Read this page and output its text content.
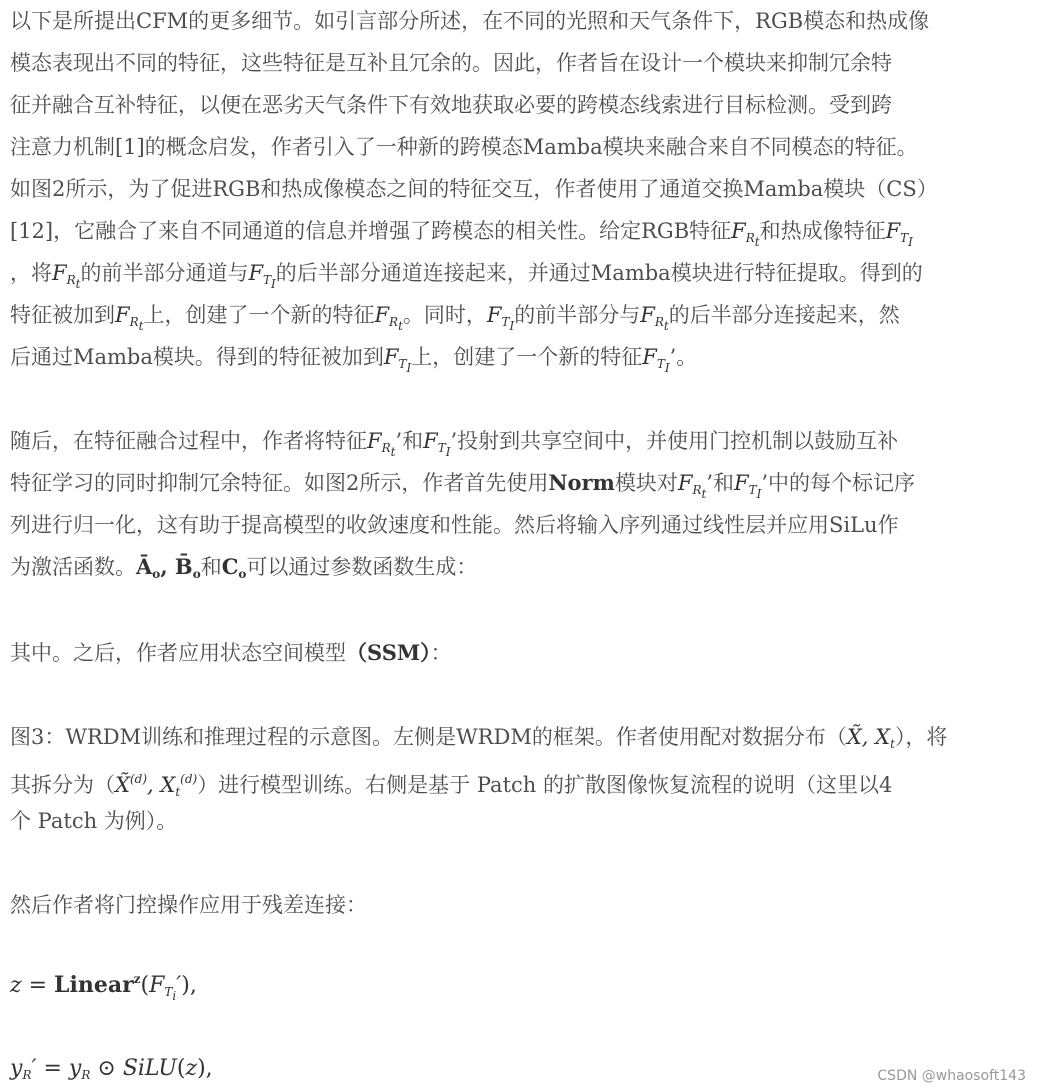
以下是所提出CFM的更多细节。如引言部分所述，在不同的光照和天气条件下，RGB模态和热成像
模态表现出不同的特征，这些特征是互补且冗余的。因此，作者旨在设计一个模块来抑制冗余特
征并融合互补特征，以便在恶劣天气条件下有效地获取必要的跨模态线索进行目标检测。受到跨
注意力机制[1]的概念启发，作者引入了一种新的跨模态Mamba模块来融合来自不同模态的特征。
如图2所示，为了促进RGB和热成像模态之间的特征交互，作者使用了通道交换Mamba模块（CS）
[12]，它融合了来自不同通道的信息并增强了跨模态的相关性。给定RGB特征$F_{R_t}$和热成像特征$F_{T_I}$
，将$F_{R_t}$的前半部分通道与$F_{T_I}$的后半部分通道连接起来，并通过Mamba模块进行特征提取。得到的
特征被加到$F_{R_t}$上，创建了一个新的特征$F_{R_t}$。同时，$F_{T_I}$的前半部分与$F_{R_t}$的后半部分连接起来，然
后通过Mamba模块。得到的特征被加到$F_{T_I}$上，创建了一个新的特征$F_{T_I}$’。
随后，在特征融合过程中，作者将特征$F_{R_t}$’和$F_{T_I}$’投射到共享空间中，并使用门控机制以鼓励互补
特征学习的同时抑制冗余特征。如图2所示，作者首先使用Norm模块对$F_{R_t}$’和$F_{T_I}$’中的每个标记序
列进行归一化，这有助于提高模型的收敛速度和性能。然后将输入序列通过线性层并应用SiLu作
为激活函数。$Ā_o$, $B̄_o$和$C_o$可以通过参数函数生成：
其中。之后，作者应用状态空间模型（SSM）：
图3：WRDM训练和推理过程的示意图。左侧是WRDM的框架。作者使用配对数据分布（X̃, $X_t$），将
其拆分为（X̃$^{(d)}$, $X_t^{(d)}$）进行模型训练。右侧是基于 Patch 的扩散图像恢复流程的说明（这里以4
个 Patch 为例）。
然后作者将门控操作应用于残差连接：
$z = Linear^z(F_{T_i}')$,
$y_R' = y_R$ ⊙ SiLU(z),	CSDN @whaosoft143
